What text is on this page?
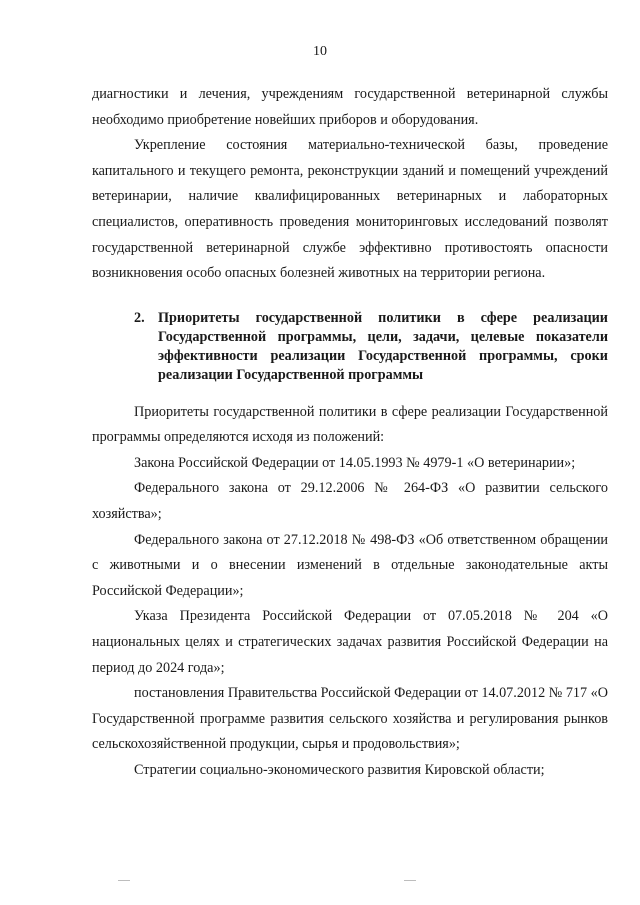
10

диагностики и лечения, учреждениям государственной ветеринарной службы необходимо приобретение новейших приборов и оборудования.

Укрепление состояния материально-технической базы, проведение капитального и текущего ремонта, реконструкции зданий и помещений учреждений ветеринарии, наличие квалифицированных ветеринарных и лабораторных специалистов, оперативность проведения мониторинговых исследований позволят государственной ветеринарной службе эффективно противостоять опасности возникновения особо опасных болезней животных на территории региона.

2. Приоритеты государственной политики в сфере реализации Государственной программы, цели, задачи, целевые показатели эффективности реализации Государственной программы, сроки реализации Государственной программы

Приоритеты государственной политики в сфере реализации Государственной программы определяются исходя из положений:

Закона Российской Федерации от 14.05.1993 № 4979-1 «О ветеринарии»;

Федерального закона от 29.12.2006 № 264-ФЗ «О развитии сельского хозяйства»;

Федерального закона от 27.12.2018 № 498-ФЗ «Об ответственном обращении с животными и о внесении изменений в отдельные законодательные акты Российской Федерации»;

Указа Президента Российской Федерации от 07.05.2018 № 204 «О национальных целях и стратегических задачах развития Российской Федерации на период до 2024 года»;

постановления Правительства Российской Федерации от 14.07.2012 № 717 «О Государственной программе развития сельского хозяйства и регулирования рынков сельскохозяйственной продукции, сырья и продовольствия»;

Стратегии социально-экономического развития Кировской области;
